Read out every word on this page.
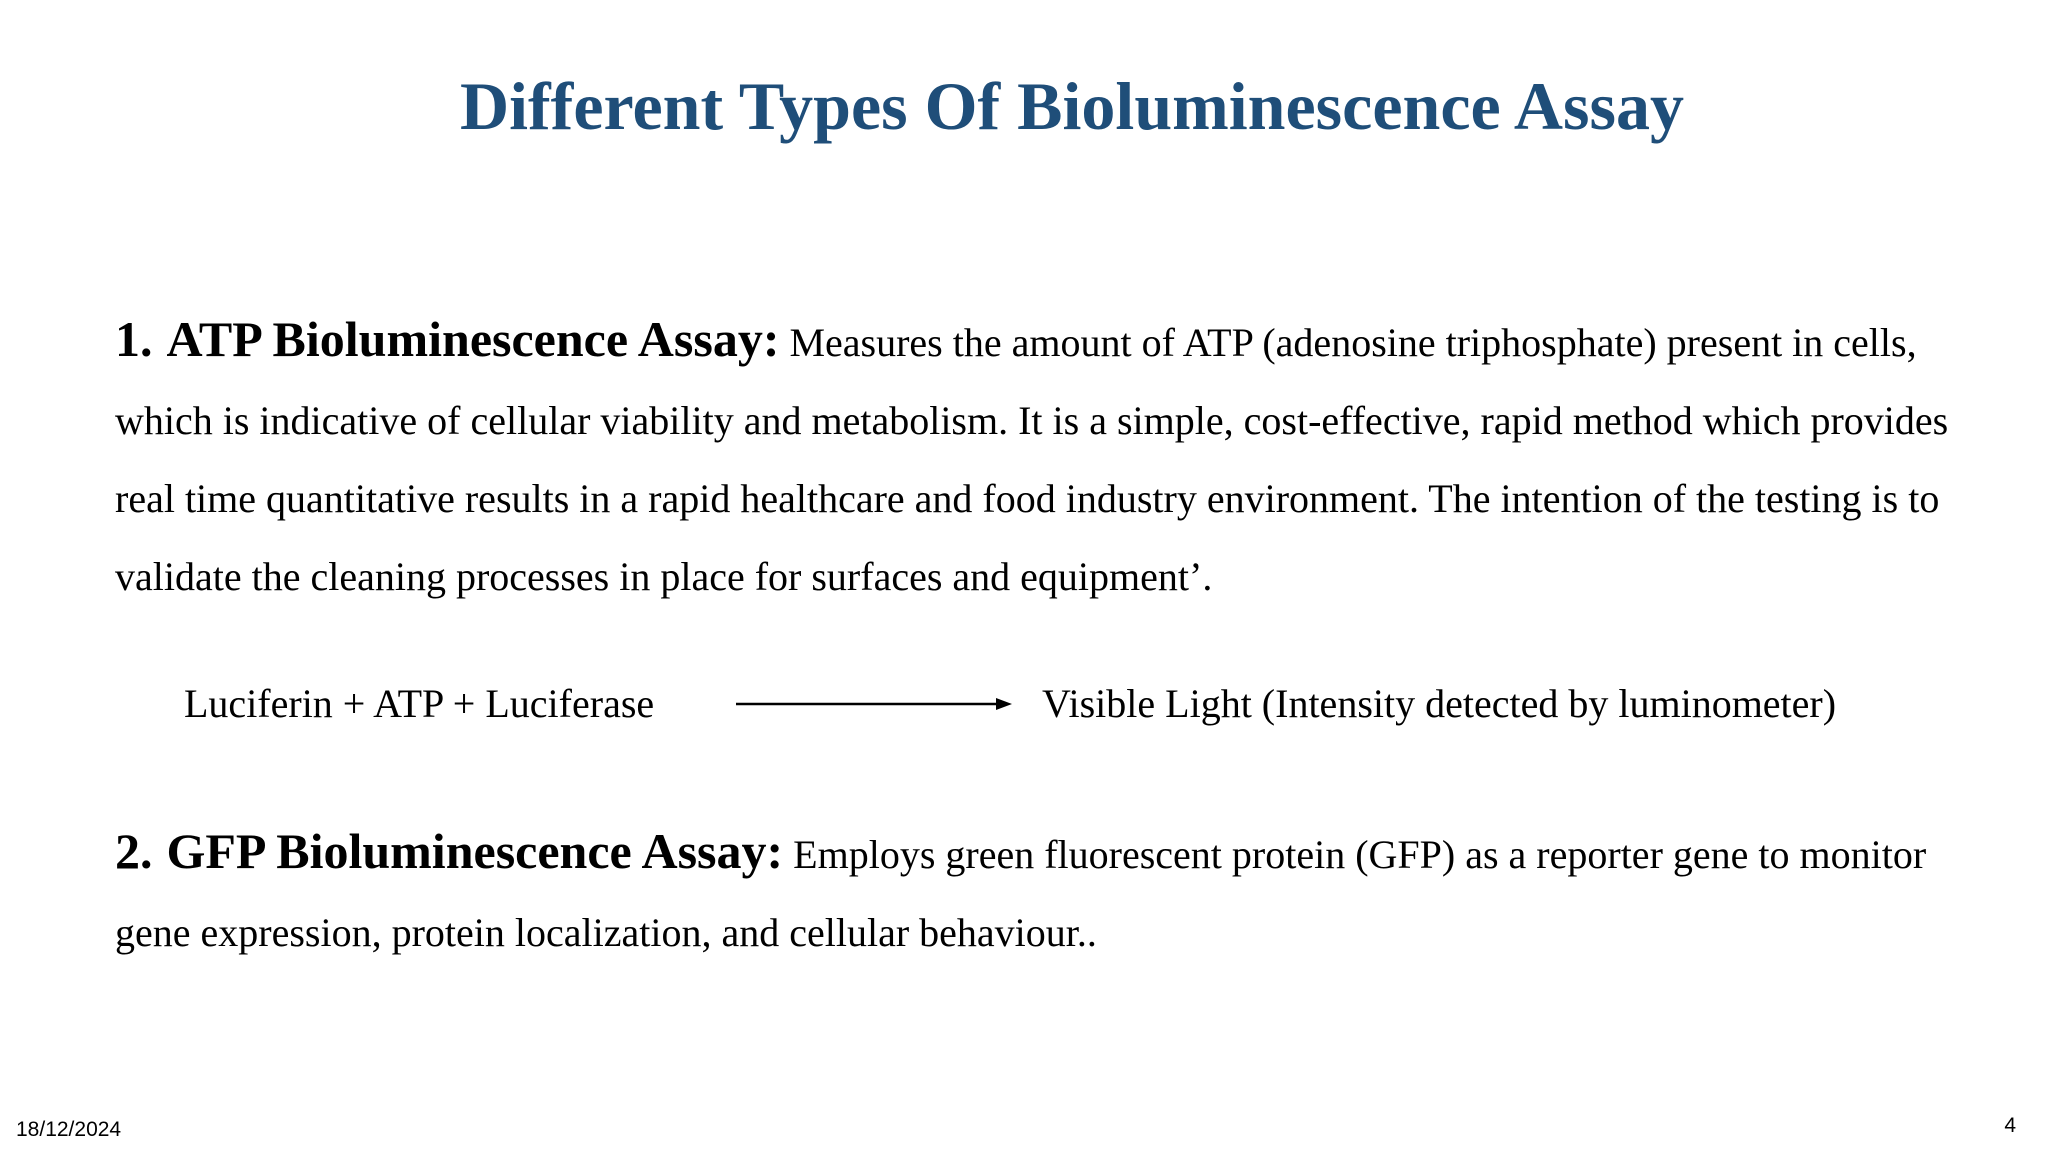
Different Types Of Bioluminescence Assay
1. ATP Bioluminescence Assay: Measures the amount of ATP (adenosine triphosphate) present in cells, which is indicative of cellular viability and metabolism. It is a simple, cost-effective, rapid method which provides real time quantitative results in a rapid healthcare and food industry environment. The intention of the testing is to validate the cleaning processes in place for surfaces and equipment’.
Luciferin + ATP + Luciferase	Visible Light (Intensity detected by luminometer)
2. GFP Bioluminescence Assay: Employs green fluorescent protein (GFP) as a reporter gene to monitor gene expression, protein localization, and cellular behaviour..
18/12/2024	4
